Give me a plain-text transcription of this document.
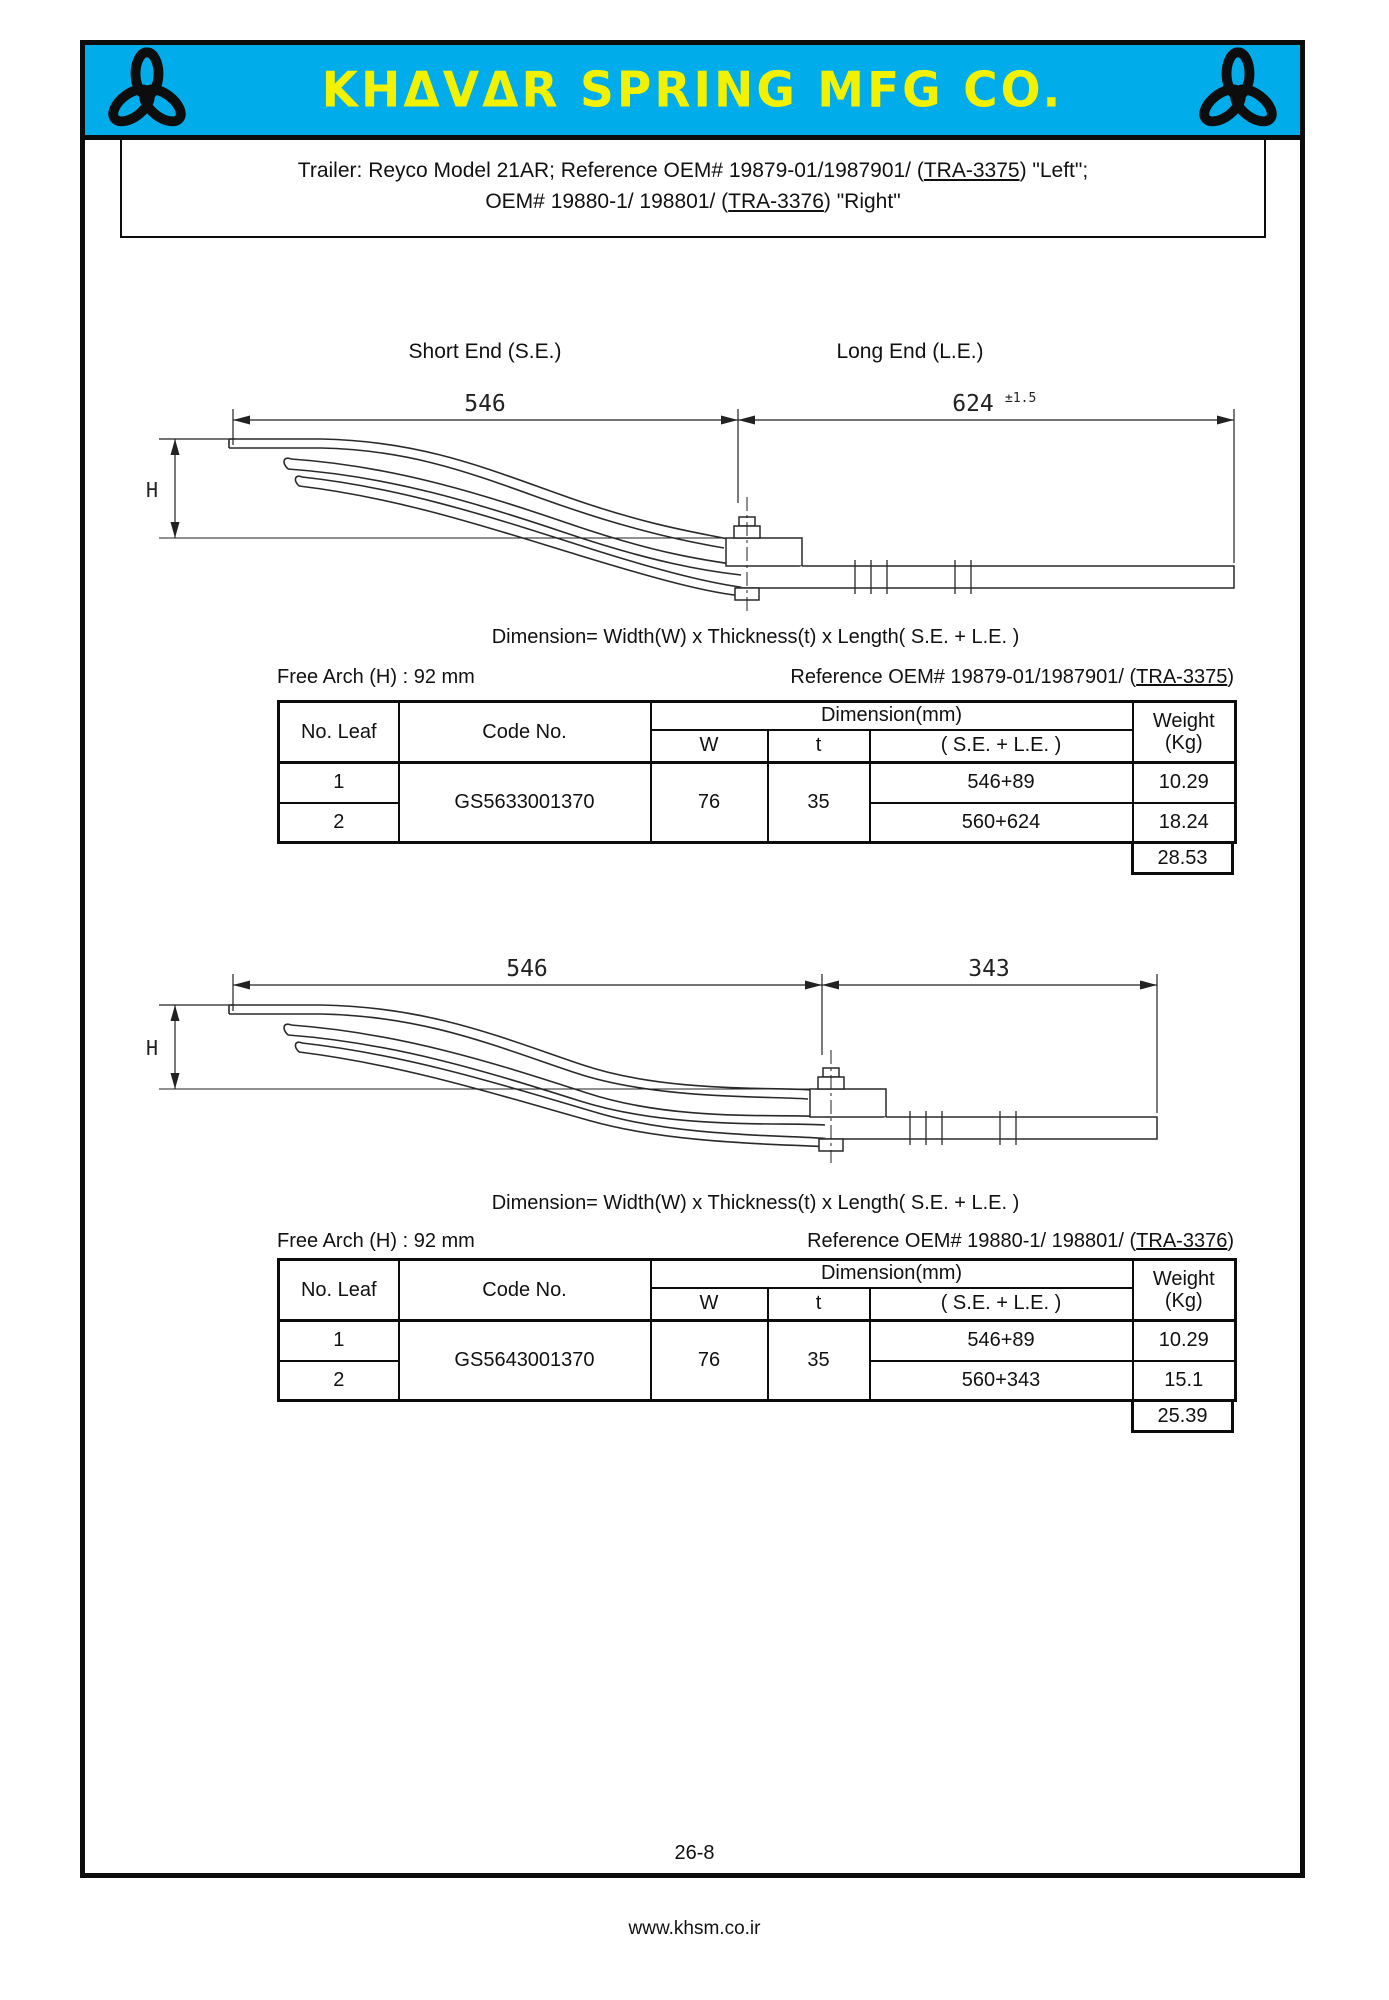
KHΔVΔR SPRING MFG CO.
Trailer: Reyco Model 21AR; Reference OEM# 19879-01/1987901/ (TRA-3375) "Left";
OEM# 19880-1/ 198801/ (TRA-3376) "Right"
Short End (S.E.)	Long End (L.E.)
546	624 ±1.5
H
Dimension= Width(W) x Thickness(t) x Length( S.E. + L.E. )
Free Arch (H) : 92 mm	Reference OEM# 19879-01/1987901/ (TRA-3375)
No. Leaf	Code No.	Dimension(mm)			Weight
(Kg)

		W	t	( S.E. + L.E. )	
1	GS5633001370	76	35	546+89	10.29
2				560+624	18.24
28.53
546	343
H
Dimension= Width(W) x Thickness(t) x Length( S.E. + L.E. )
Free Arch (H) : 92 mm	Reference OEM# 19880-1/ 198801/ (TRA-3376)
No. Leaf	Code No.	Dimension(mm)			Weight
(Kg)

		W	t	( S.E. + L.E. )	
1	GS5643001370	76	35	546+89	10.29
2				560+343	15.1
25.39
26-8
www.khsm.co.ir
